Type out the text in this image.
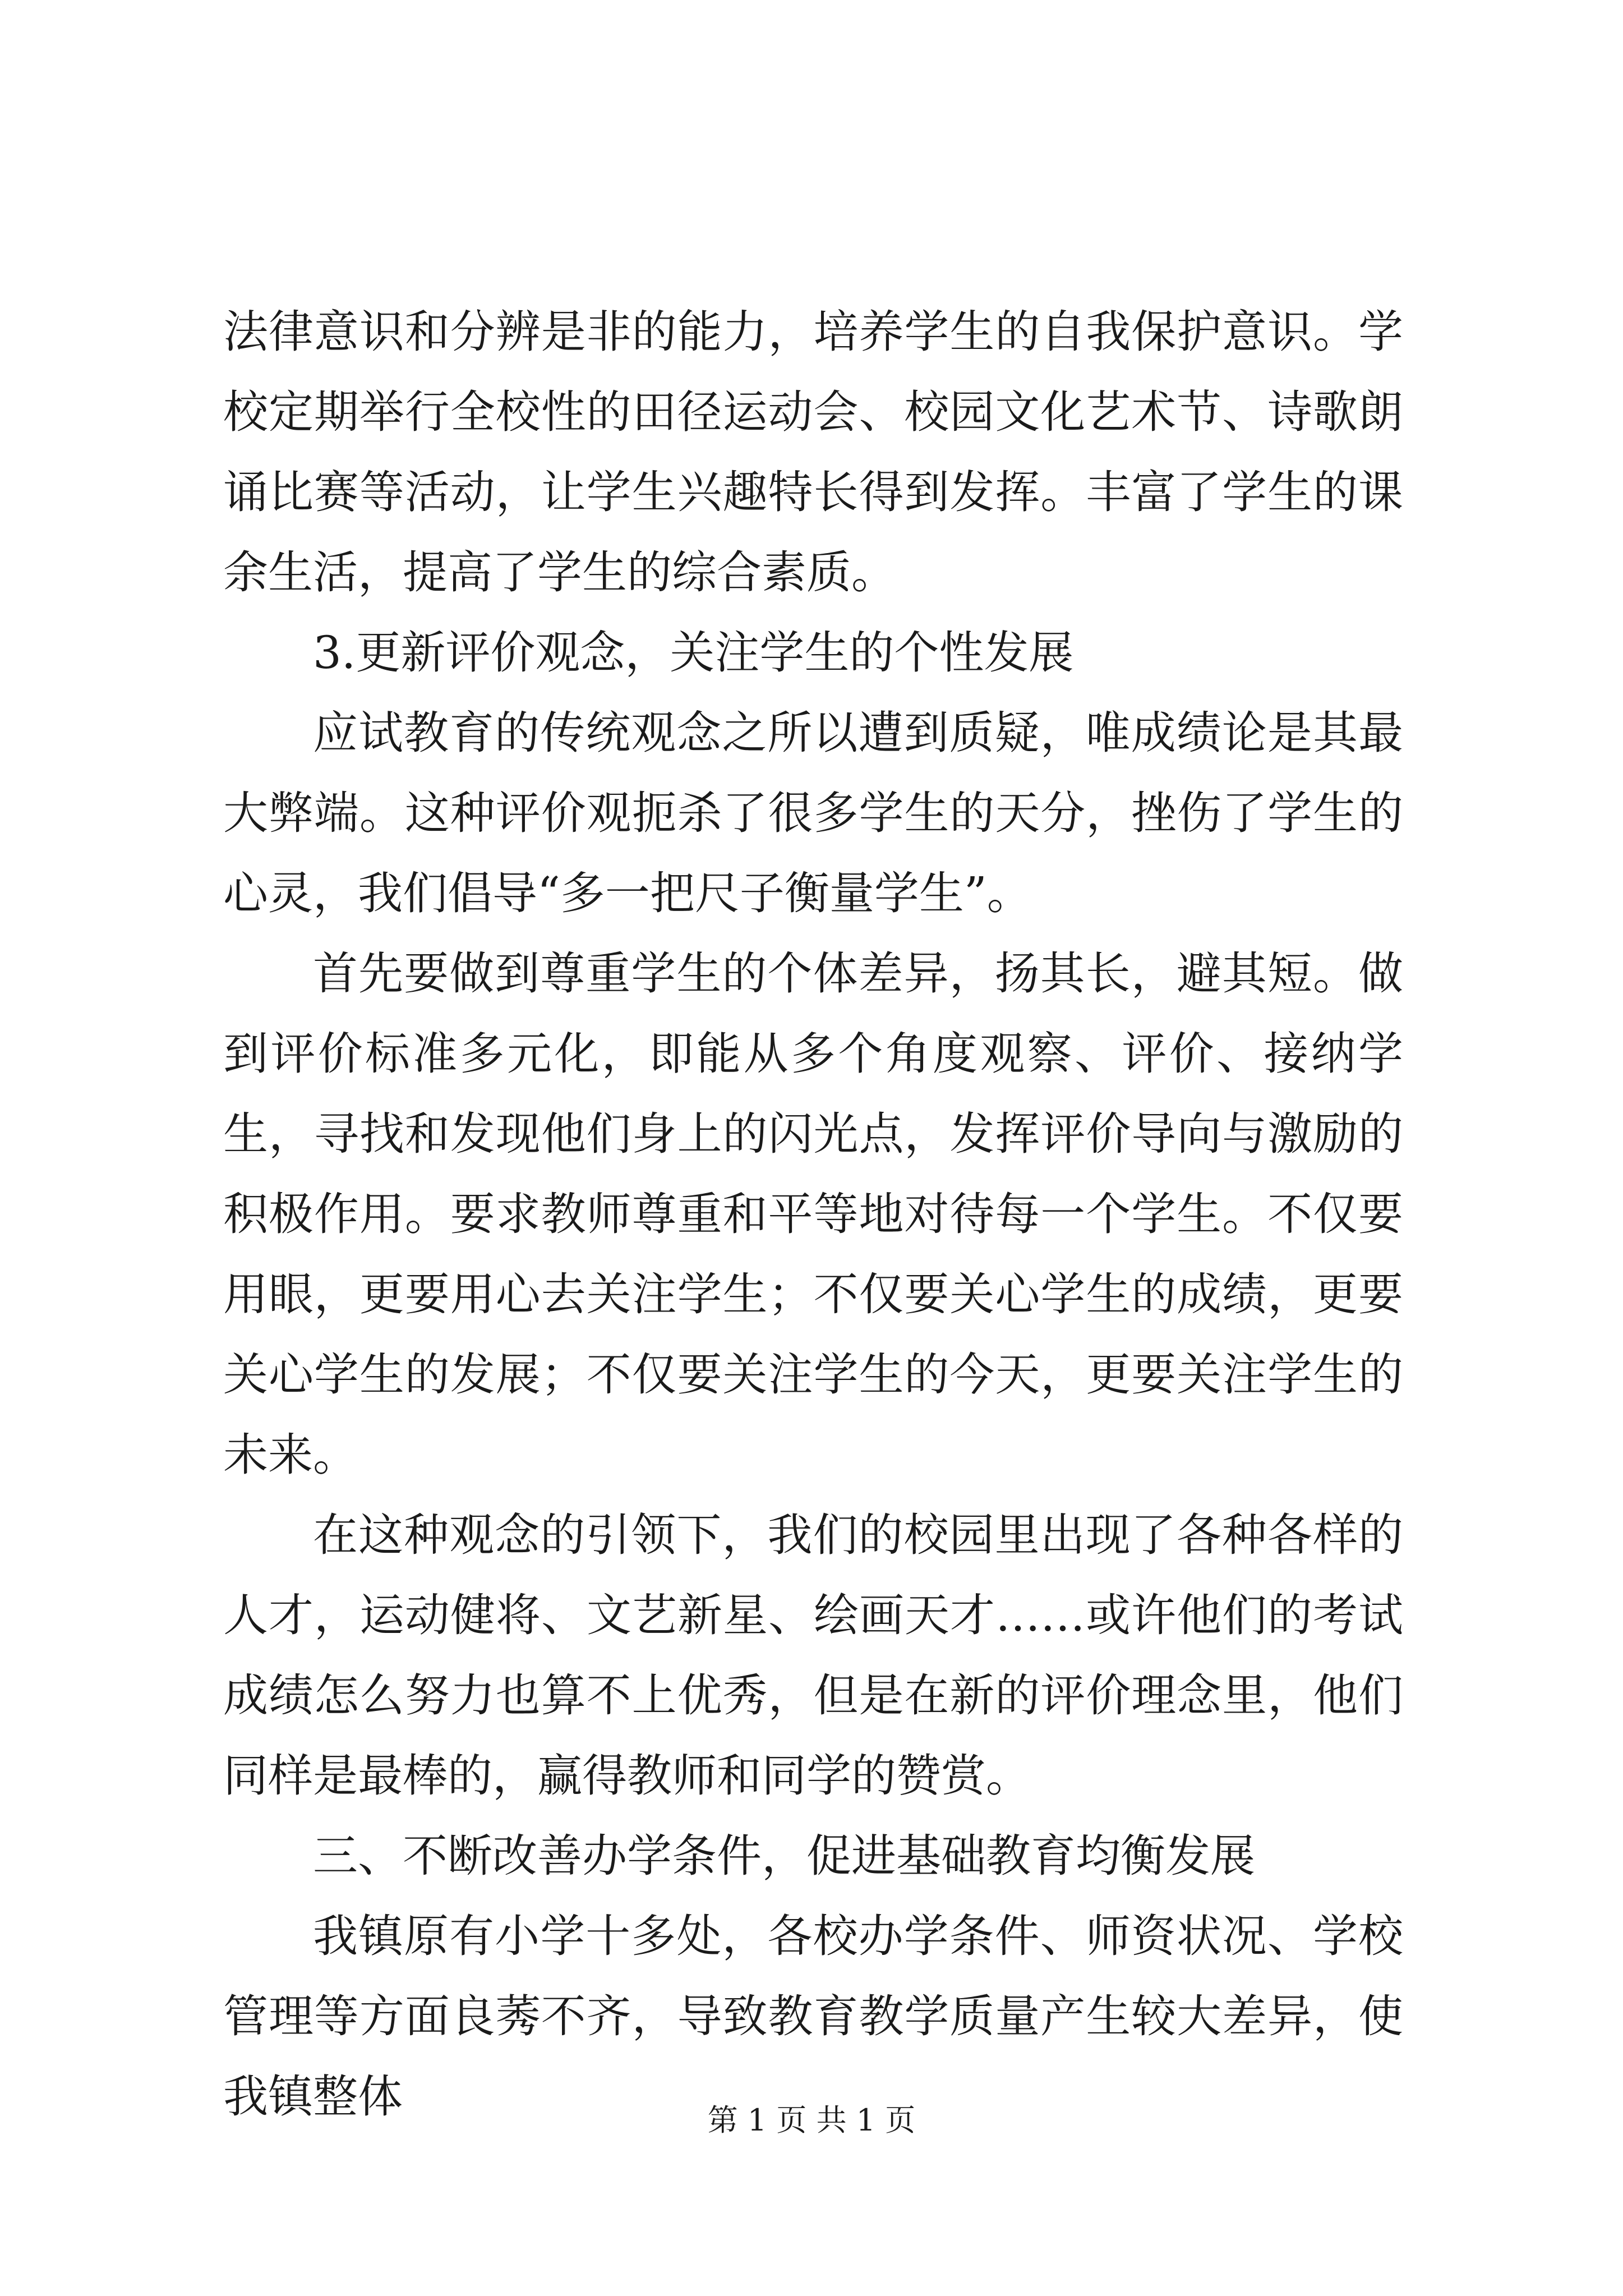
法律意识和分辨是非的能力，培养学生的自我保护意识。学校定期举行全校性的田径运动会、校园文化艺术节、诗歌朗诵比赛等活动，让学生兴趣特长得到发挥。丰富了学生的课余生活，提高了学生的综合素质。

3.更新评价观念，关注学生的个性发展

应试教育的传统观念之所以遭到质疑，唯成绩论是其最大弊端。这种评价观扼杀了很多学生的天分，挫伤了学生的心灵，我们倡导“多一把尺子衡量学生”。

首先要做到尊重学生的个体差异，扬其长，避其短。做到评价标准多元化，即能从多个角度观察、评价、接纳学生，寻找和发现他们身上的闪光点，发挥评价导向与激励的积极作用。要求教师尊重和平等地对待每一个学生。不仅要用眼，更要用心去关注学生；不仅要关心学生的成绩，更要关心学生的发展；不仅要关注学生的今天，更要关注学生的未来。

在这种观念的引领下，我们的校园里出现了各种各样的人才，运动健将、文艺新星、绘画天才……或许他们的考试成绩怎么努力也算不上优秀，但是在新的评价理念里，他们同样是最棒的，赢得教师和同学的赞赏。

三、不断改善办学条件，促进基础教育均衡发展

我镇原有小学十多处，各校办学条件、师资状况、学校管理等方面良莠不齐，导致教育教学质量产生较大差异，使我镇整体	第 1 页 共 1 页
